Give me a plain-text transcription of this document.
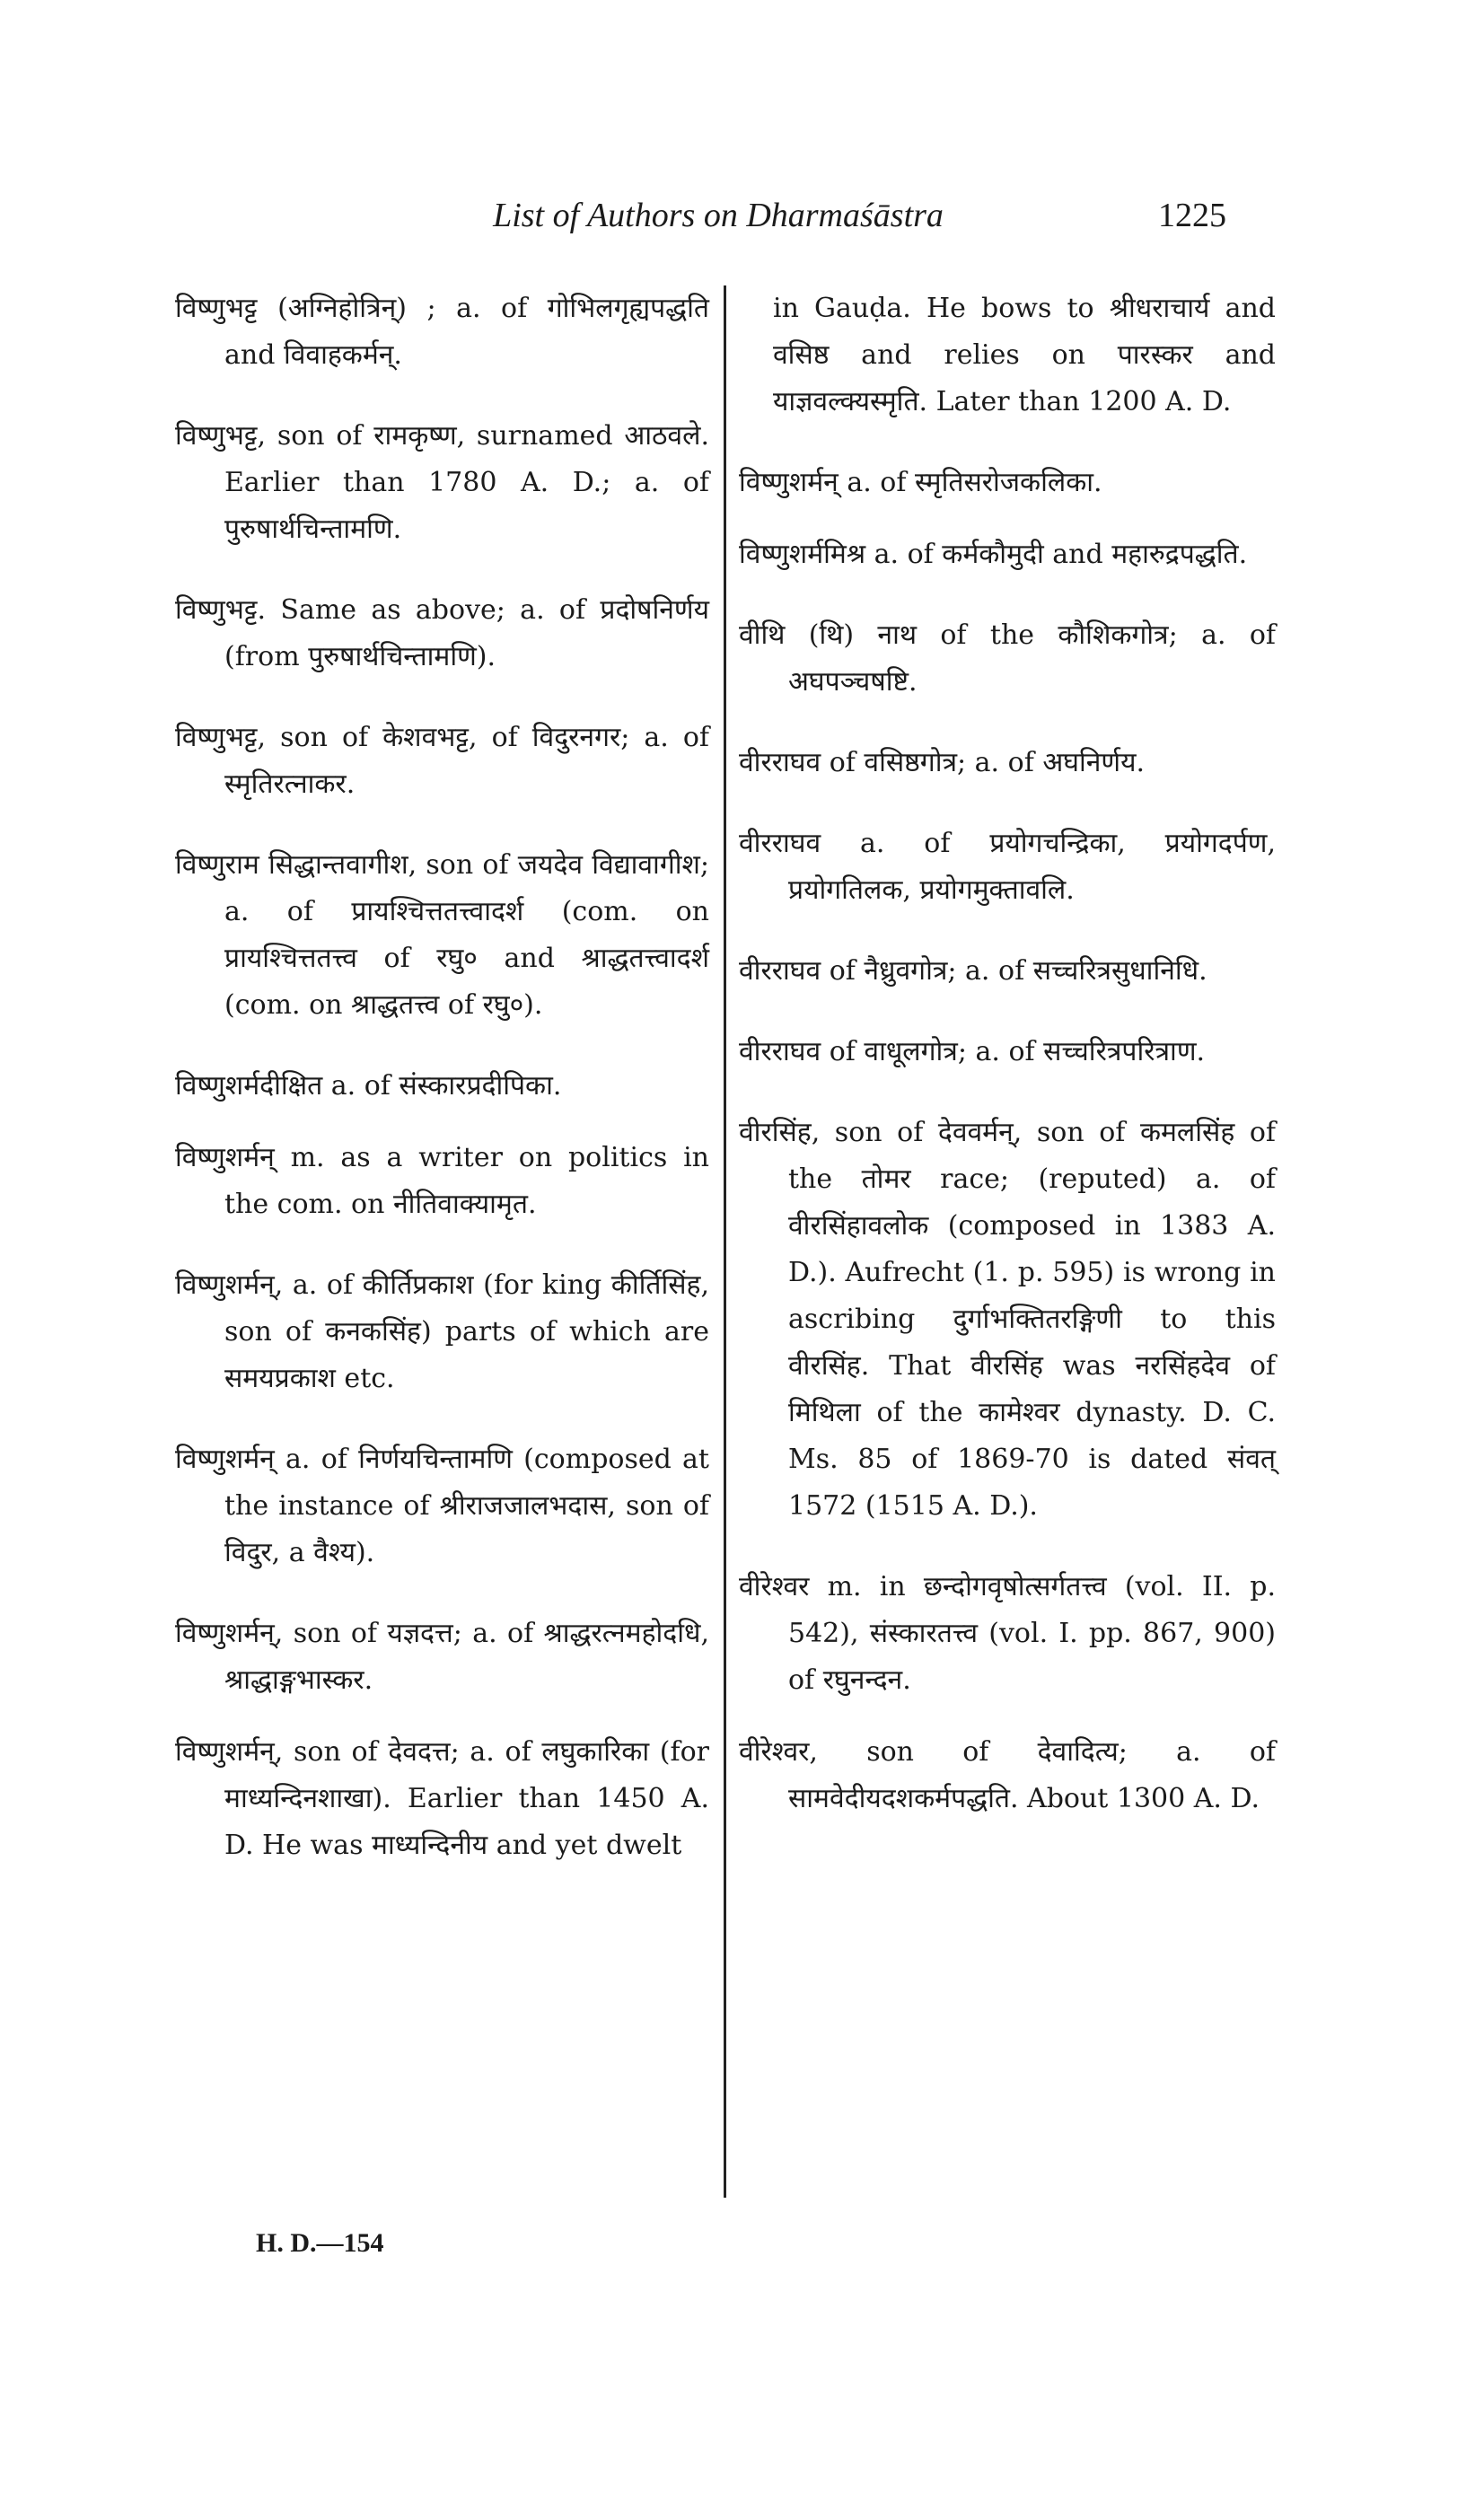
List of Authors on Dharmaśāstra	1225

विष्णुभट्ट (अग्निहोत्रिन्) ; a. of गोभिलगृह्यपद्धति and विवाहकर्मन्.

विष्णुभट्ट, son of रामकृष्ण, surnamed आठवले. Earlier than 1780 A. D.; a. of पुरुषार्थचिन्तामणि.

विष्णुभट्ट. Same as above; a. of प्रदोषनिर्णय (from पुरुषार्थचिन्तामणि).

विष्णुभट्ट, son of केशवभट्ट, of विदुरनगर; a. of स्मृतिरत्नाकर.

विष्णुराम सिद्धान्तवागीश, son of जयदेव विद्यावागीश; a. of प्रायश्चित्ततत्त्वादर्श (com. on प्रायश्चित्ततत्त्व of रघु० and श्राद्धतत्त्वादर्श (com. on श्राद्धतत्त्व of रघु०).

विष्णुशर्मदीक्षित a. of संस्कारप्रदीपिका.

विष्णुशर्मन् m. as a writer on politics in the com. on नीतिवाक्यामृत.

विष्णुशर्मन्, a. of कीर्तिप्रकाश (for king कीर्तिसिंह, son of कनकसिंह) parts of which are समयप्रकाश etc.

विष्णुशर्मन् a. of निर्णयचिन्तामणि (composed at the instance of श्रीराजजालभदास, son of विदुर, a वैश्य).

विष्णुशर्मन्, son of यज्ञदत्त; a. of श्राद्धरत्नमहोदधि, श्राद्धाङ्गभास्कर.

विष्णुशर्मन्, son of देवदत्त; a. of लघुकारिका (for माध्यन्दिनशाखा). Earlier than 1450 A. D. He was माध्यन्दिनीय and yet dwelt

in Gauḍa. He bows to श्रीधराचार्य and वसिष्ठ and relies on पारस्कर and याज्ञवल्क्यस्मृति. Later than 1200 A. D.

विष्णुशर्मन् a. of स्मृतिसरोजकलिका.

विष्णुशर्ममिश्र a. of कर्मकौमुदी and महारुद्रपद्धति.

वीथि (थि) नाथ of the कौशिकगोत्र; a. of अघपञ्चषष्टि.

वीरराघव of वसिष्ठगोत्र; a. of अघनिर्णय.

वीरराघव a. of प्रयोगचन्द्रिका, प्रयोगदर्पण, प्रयोगतिलक, प्रयोगमुक्तावलि.

वीरराघव of नैध्रुवगोत्र; a. of सच्चरित्रसुधानिधि.

वीरराघव of वाधूलगोत्र; a. of सच्चरित्रपरित्राण.

वीरसिंह, son of देववर्मन्, son of कमलसिंह of the तोमर race; (reputed) a. of वीरसिंहावलोक (composed in 1383 A. D.). Aufrecht (1. p. 595) is wrong in ascribing दुर्गाभक्तितरङ्गिणी to this वीरसिंह. That वीरसिंह was नरसिंहदेव of मिथिला of the कामेश्वर dynasty. D. C. Ms. 85 of 1869-70 is dated संवत् 1572 (1515 A. D.).

वीरेश्वर m. in छन्दोगवृषोत्सर्गतत्त्व (vol. II. p. 542), संस्कारतत्त्व (vol. I. pp. 867, 900) of रघुनन्दन.

वीरेश्वर, son of देवादित्य; a. of सामवेदीयदशकर्मपद्धति. About 1300 A. D.

H. D.—154
